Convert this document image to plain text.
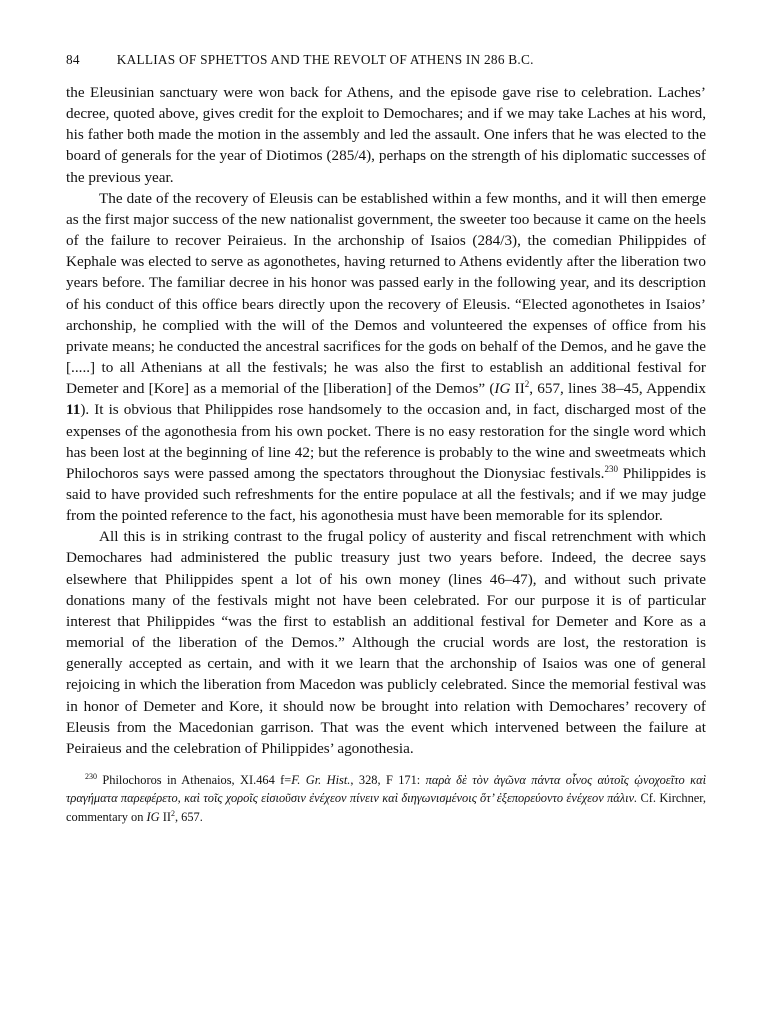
84	KALLIAS OF SPHETTOS AND THE REVOLT OF ATHENS IN 286 B.C.

the Eleusinian sanctuary were won back for Athens, and the episode gave rise to celebration. Laches’ decree, quoted above, gives credit for the exploit to Demochares; and if we may take Laches at his word, his father both made the motion in the assembly and led the assault. One infers that he was elected to the board of generals for the year of Diotimos (285/4), perhaps on the strength of his diplomatic successes of the previous year.

The date of the recovery of Eleusis can be established within a few months, and it will then emerge as the first major success of the new nationalist government, the sweeter too because it came on the heels of the failure to recover Peiraieus. In the archonship of Isaios (284/3), the comedian Philippides of Kephale was elected to serve as agonothetes, having returned to Athens evidently after the liberation two years before. The familiar decree in his honor was passed early in the following year, and its description of his conduct of this office bears directly upon the recovery of Eleusis. “Elected agonothetes in Isaios’ archonship, he complied with the will of the Demos and volunteered the expenses of office from his private means; he conducted the ancestral sacrifices for the gods on behalf of the Demos, and he gave the [.....] to all Athenians at all the festivals; he was also the first to establish an additional festival for Demeter and [Kore] as a memorial of the [liberation] of the Demos” (IG $II^2$, 657, lines 38–45, Appendix 11). It is obvious that Philippides rose handsomely to the occasion and, in fact, discharged most of the expenses of the agonothesia from his own pocket. There is no easy restoration for the single word which has been lost at the beginning of line 42; but the reference is probably to the wine and sweetmeats which Philochoros says were passed among the spectators throughout the Dionysiac festivals.$^{230}$ Philippides is said to have provided such refreshments for the entire populace at all the festivals; and if we may judge from the pointed reference to the fact, his agonothesia must have been memorable for its splendor.

All this is in striking contrast to the frugal policy of austerity and fiscal retrenchment with which Demochares had administered the public treasury just two years before. Indeed, the decree says elsewhere that Philippides spent a lot of his own money (lines 46–47), and without such private donations many of the festivals might not have been celebrated. For our purpose it is of particular interest that Philippides “was the first to establish an additional festival for Demeter and Kore as a memorial of the liberation of the Demos.” Although the crucial words are lost, the restoration is generally accepted as certain, and with it we learn that the archonship of Isaios was one of general rejoicing in which the liberation from Macedon was publicly celebrated. Since the memorial festival was in honor of Demeter and Kore, it should now be brought into relation with Demochares’ recovery of Eleusis from the Macedonian garrison. That was the event which intervened between the failure at Peiraieus and the celebration of Philippides’ agonothesia.

$^{230}$ Philochoros in Athenaios, XI.464 f=F. Gr. Hist., 328, F 171: παρὰ δὲ τὸν ἀγῶνα πάντα οἶνος αὐτοῖς ᾠνοχοεῖτο καὶ τραγήματα παρεφέρετο, καὶ τοῖς χοροῖς εἰσιοῦσιν ἐνέχεον πίνειν καὶ διηγωνισμένοις ὅτ’ ἐξεπορεύοντο ἐνέχεον πάλιν. Cf. Kirchner, commentary on IG $II^2$, 657.
